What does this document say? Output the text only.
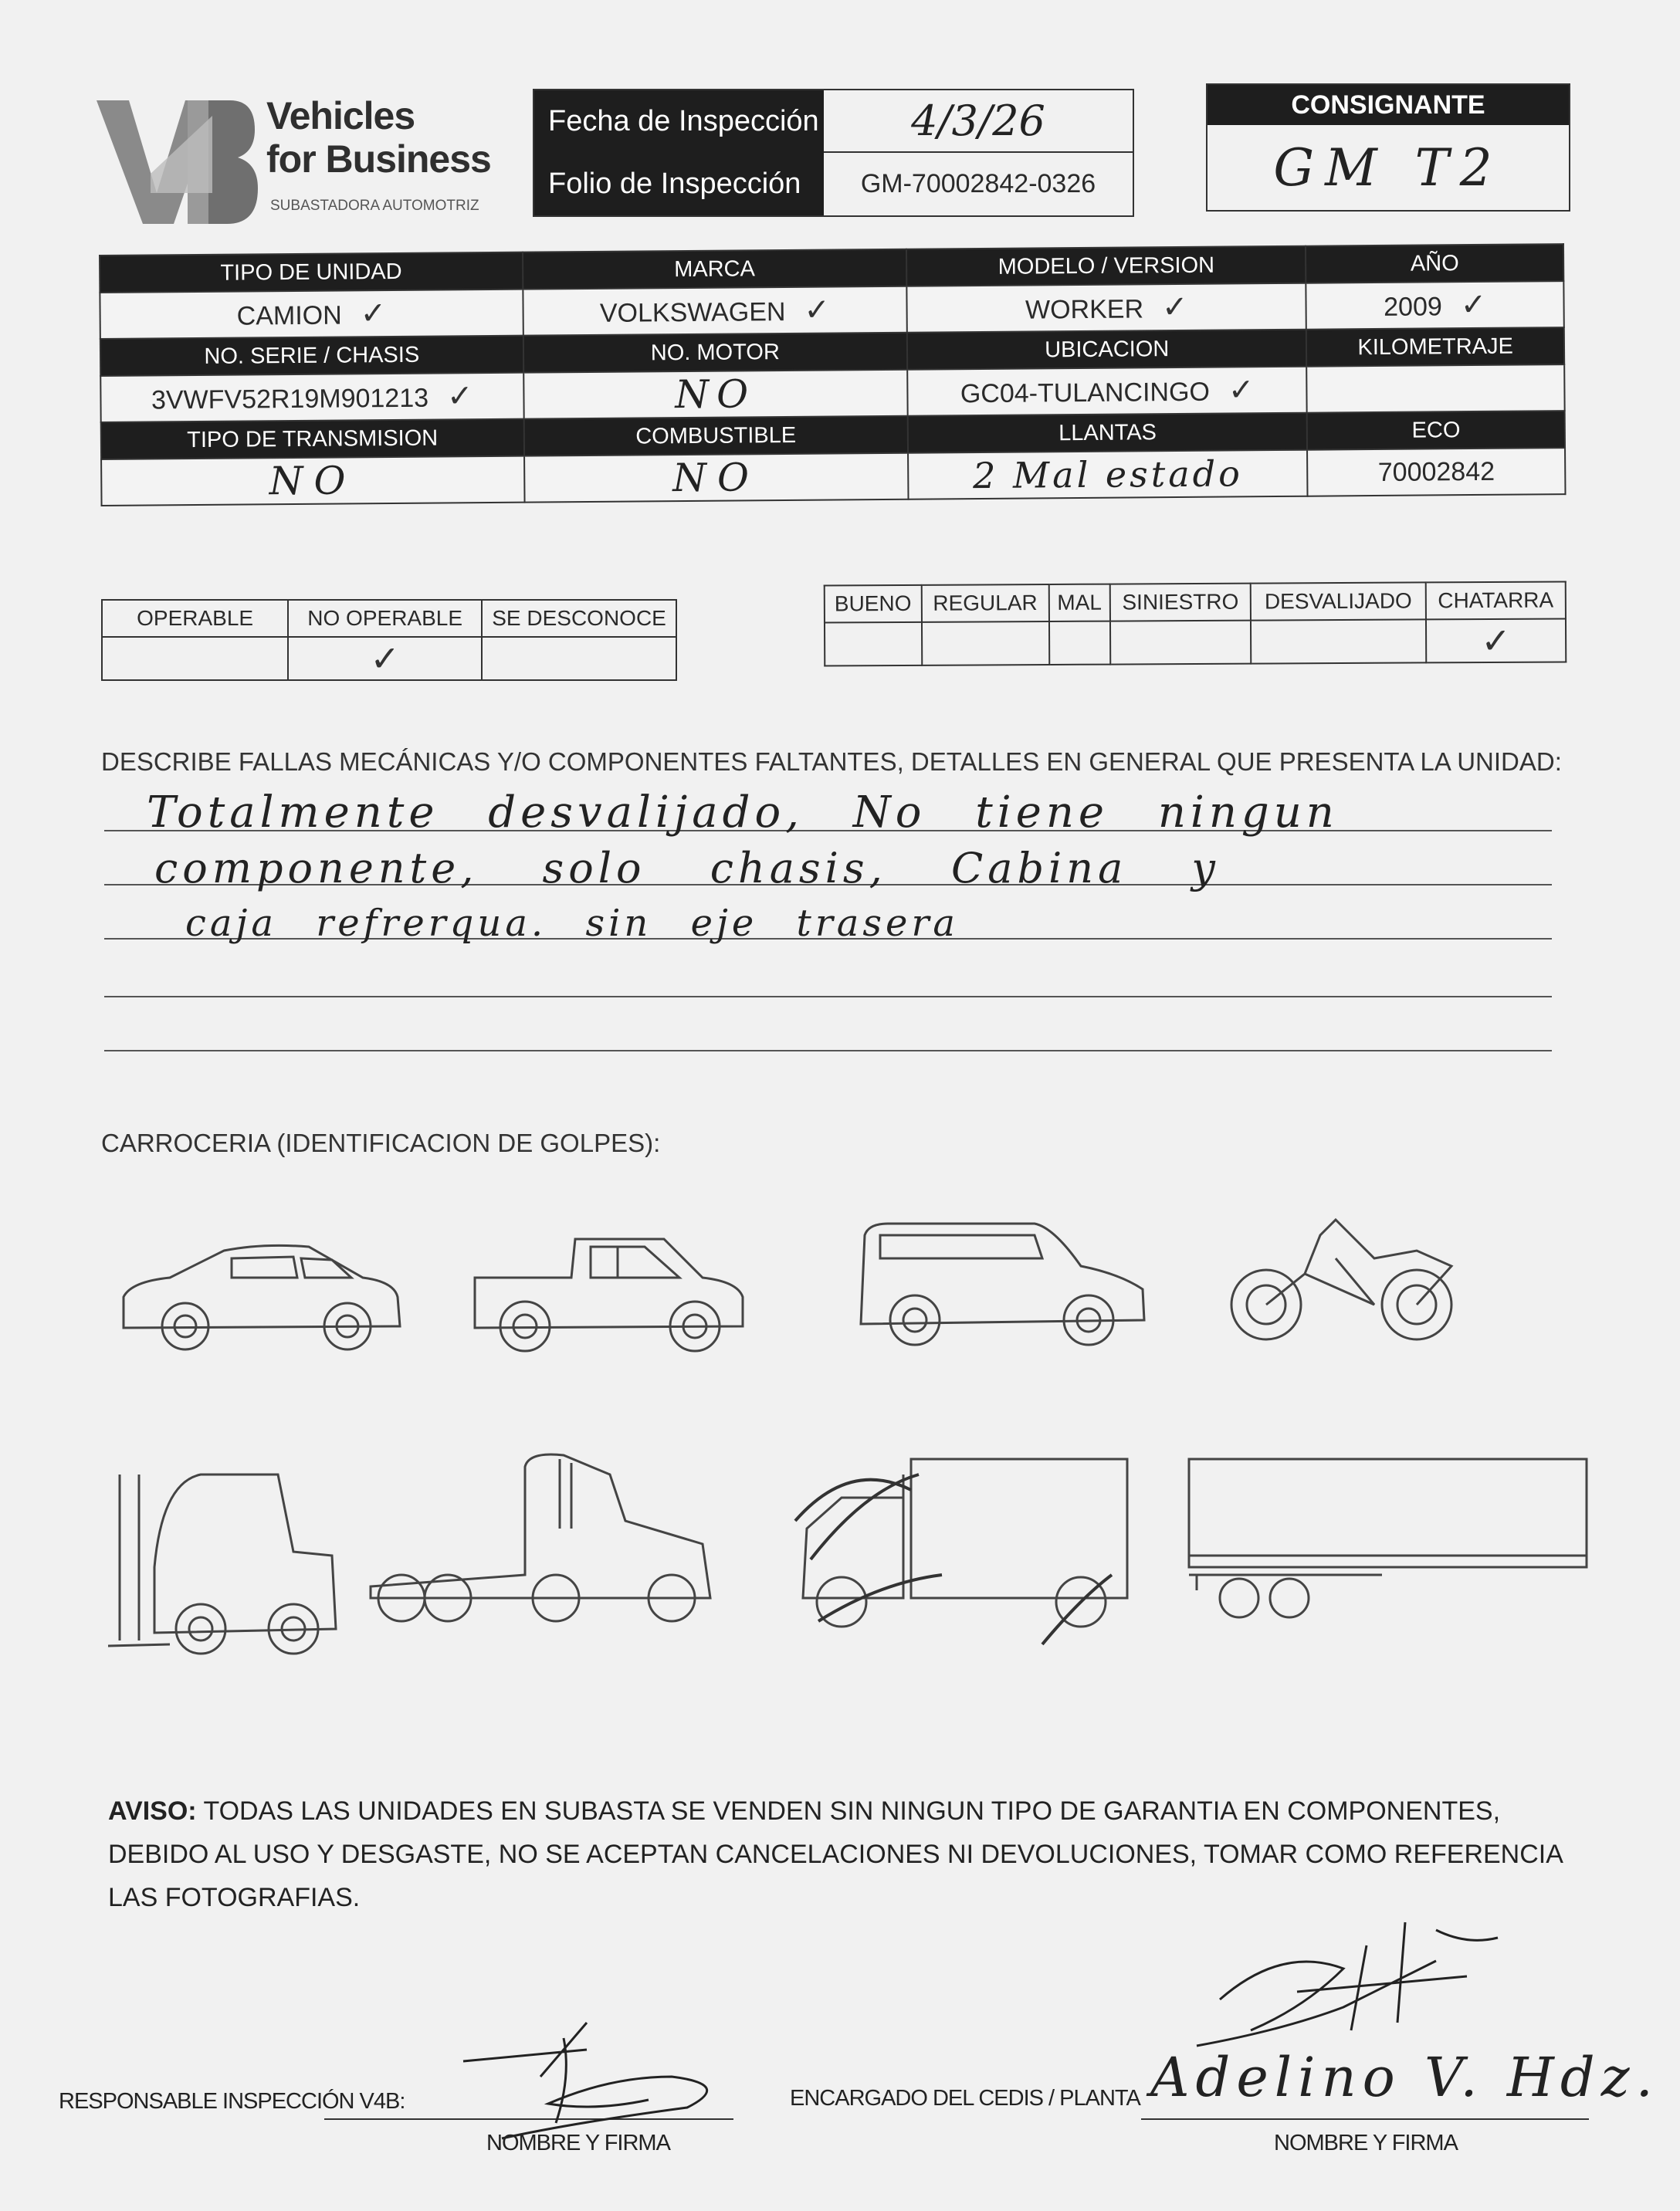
Vehicles
for Business
SUBASTADORA AUTOMOTRIZ
Fecha de Inspección	4/3/26
Folio de Inspección	GM-70002842-0326
CONSIGNANTE
GM T2
TIPO DE UNIDAD	MARCA	MODELO / VERSION	AÑO
CAMION ✓	VOLKSWAGEN ✓	WORKER ✓	2009 ✓
NO. SERIE / CHASIS	NO. MOTOR	UBICACION	KILOMETRAJE
3VWFV52R19M901213 ✓	NO	GC04-TULANCINGO ✓	
TIPO DE TRANSMISION	COMBUSTIBLE	LLANTAS	ECO
NO	NO	2 Mal estado	70002842
OPERABLE	NO OPERABLE	SE DESCONOCE
	✓	
BUENO	REGULAR	MAL	SINIESTRO	DESVALIJADO	CHATARRA
					✓
DESCRIBE FALLAS MECÁNICAS Y/O COMPONENTES FALTANTES, DETALLES EN GENERAL QUE PRESENTA LA UNIDAD:
Totalmente desvalijado, No tiene ningun
componente, solo chasis, Cabina y
caja refrerqua. sin eje trasera
CARROCERIA (IDENTIFICACION DE GOLPES):
AVISO: TODAS LAS UNIDADES EN SUBASTA SE VENDEN SIN NINGUN TIPO DE GARANTIA EN COMPONENTES, DEBIDO AL USO Y DESGASTE, NO SE ACEPTAN CANCELACIONES NI DEVOLUCIONES, TOMAR COMO REFERENCIA LAS FOTOGRAFIAS.
RESPONSABLE INSPECCIÓN V4B:
NOMBRE Y FIRMA
ENCARGADO DEL CEDIS / PLANTA
NOMBRE Y FIRMA
Adelino V. Hdz.
